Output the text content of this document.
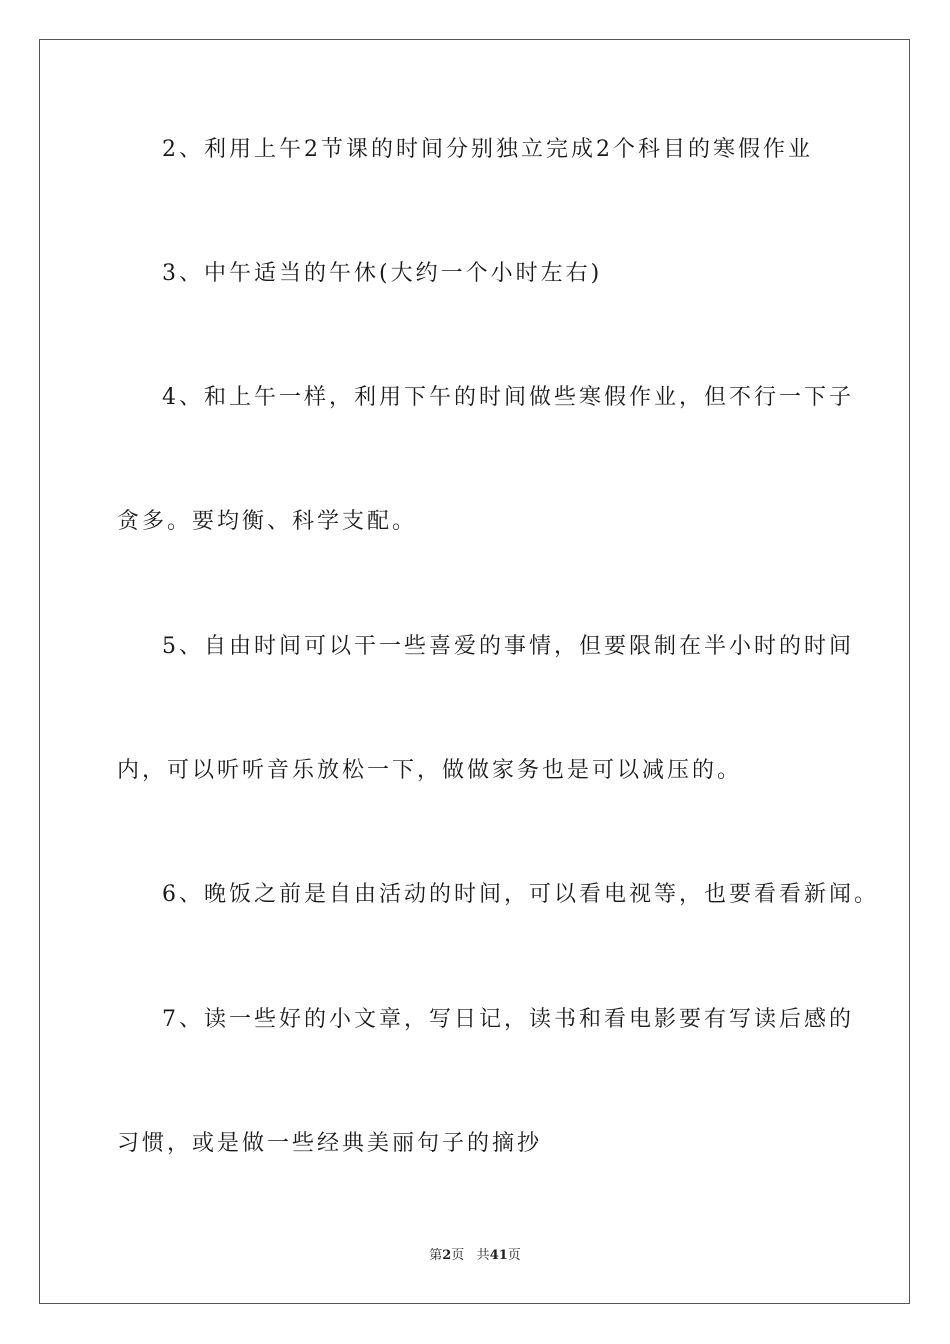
2、利用上午2节课的时间分别独立完成2个科目的寒假作业
3、中午适当的午休(大约一个小时左右)
4、和上午一样，利用下午的时间做些寒假作业，但不行一下子
贪多。要均衡、科学支配。
5、自由时间可以干一些喜爱的事情，但要限制在半小时的时间
内，可以听听音乐放松一下，做做家务也是可以减压的。
6、晚饭之前是自由活动的时间，可以看电视等，也要看看新闻。
7、读一些好的小文章，写日记，读书和看电影要有写读后感的
习惯，或是做一些经典美丽句子的摘抄
第2页 共41页
